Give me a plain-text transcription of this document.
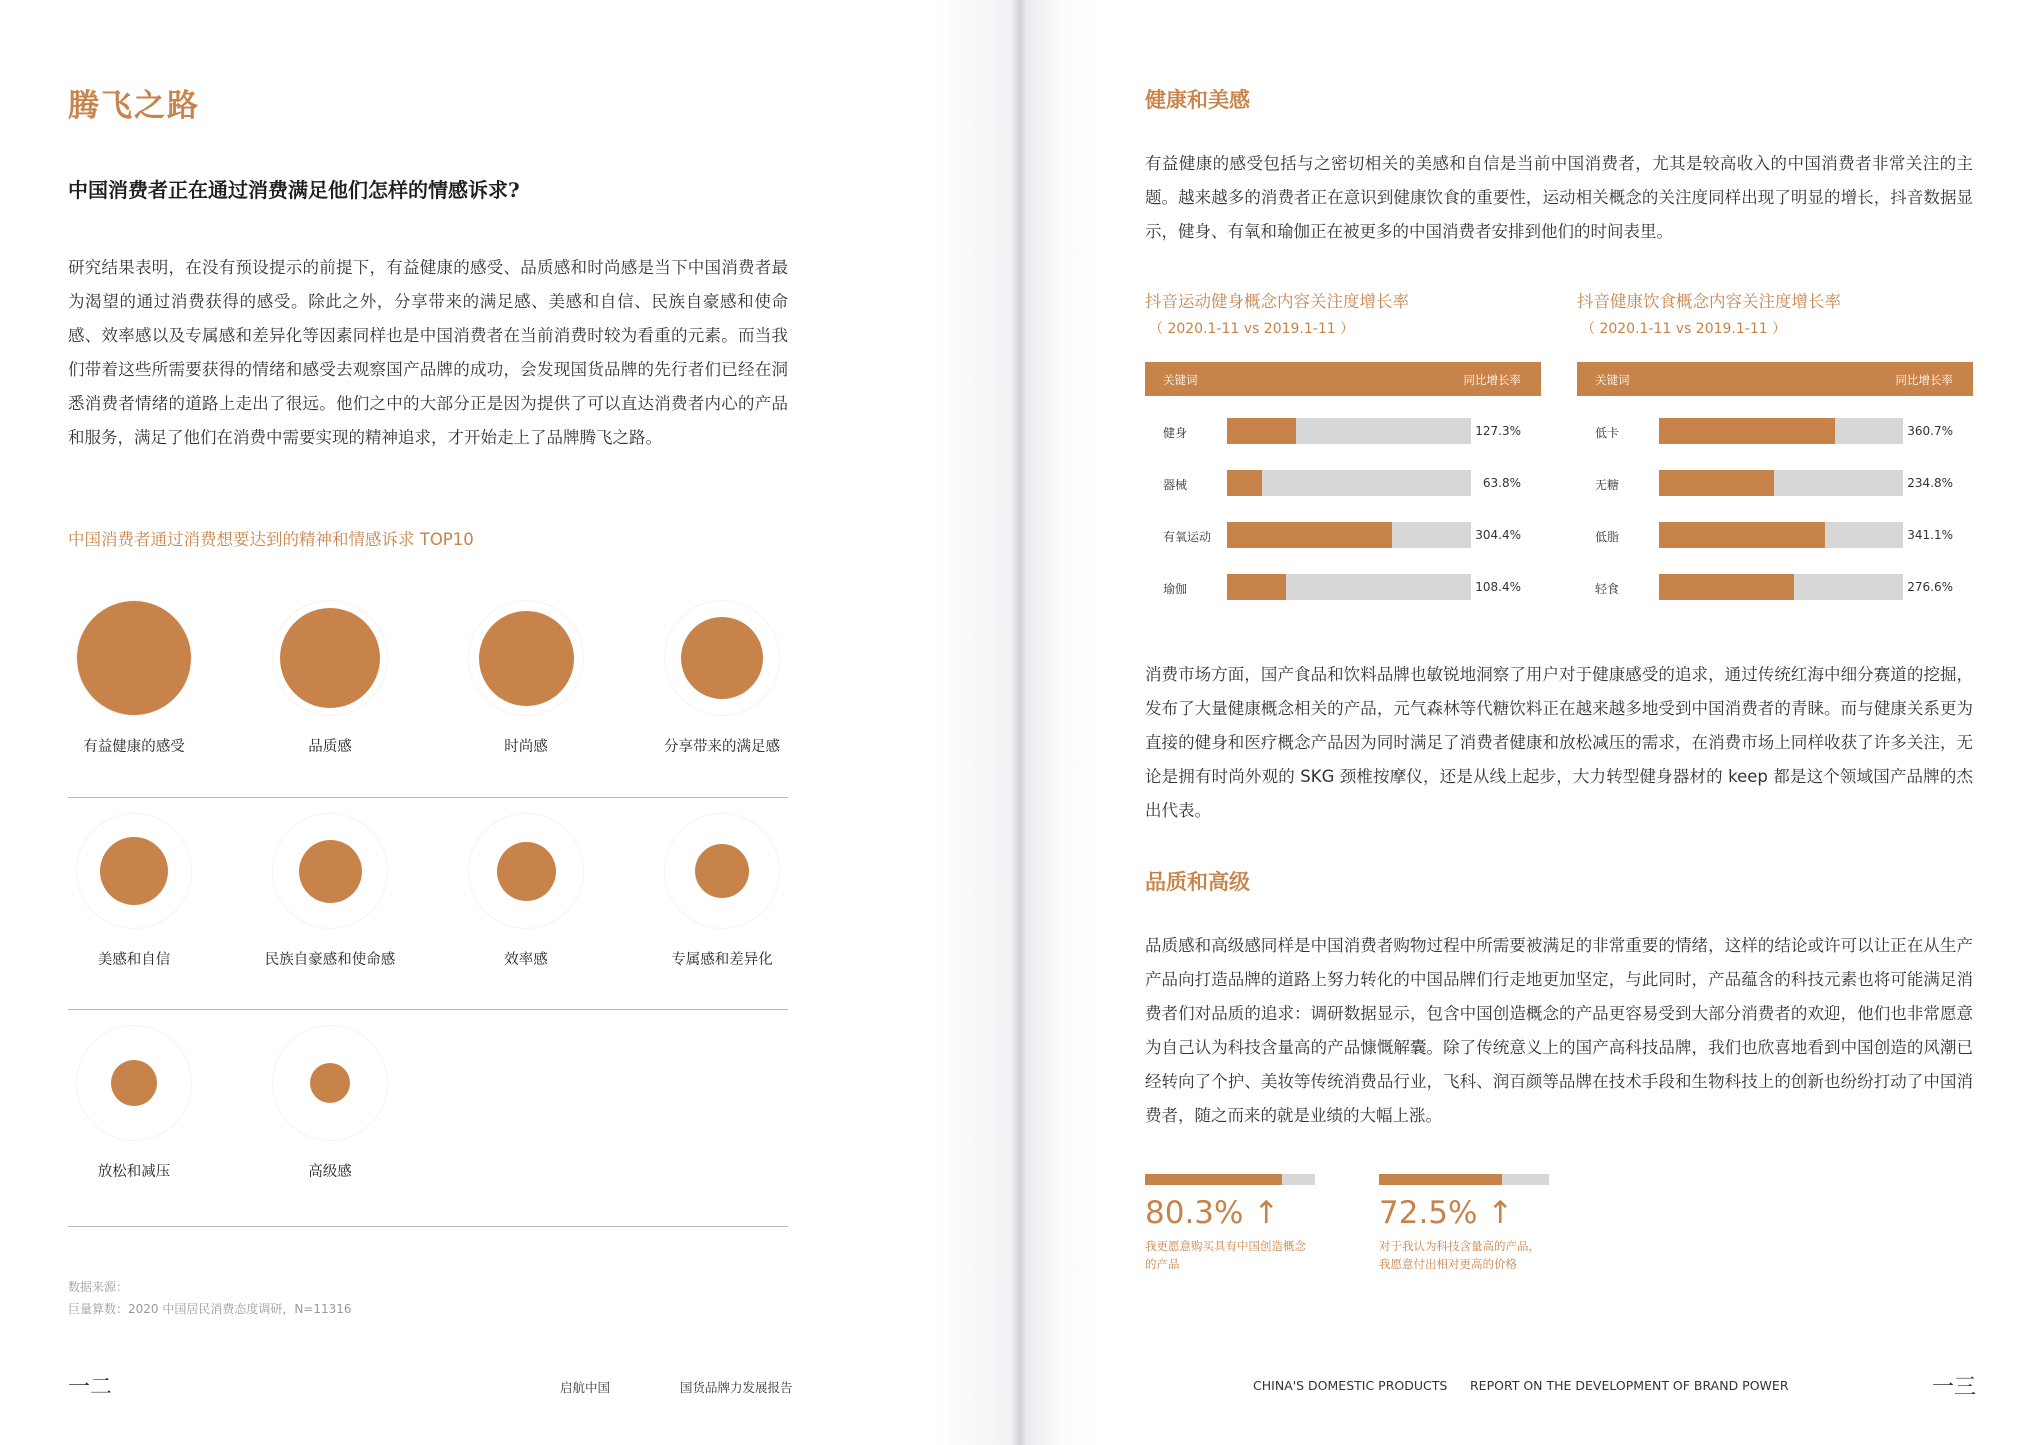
腾飞之路
中国消费者正在通过消费满足他们怎样的情感诉求?
研究结果表明，在没有预设提示的前提下，有益健康的感受、品质感和时尚感是当下中国消费者最为渴望的通过消费获得的感受。除此之外，分享带来的满足感、美感和自信、民族自豪感和使命感、效率感以及专属感和差异化等因素同样也是中国消费者在当前消费时较为看重的元素。而当我们带着这些所需要获得的情绪和感受去观察国产品牌的成功，会发现国货品牌的先行者们已经在洞悉消费者情绪的道路上走出了很远。他们之中的大部分正是因为提供了可以直达消费者内心的产品和服务，满足了他们在消费中需要实现的精神追求，才开始走上了品牌腾飞之路。
中国消费者通过消费想要达到的精神和情感诉求 TOP10
有益健康的感受	品质感	时尚感	分享带来的满足感
美感和自信	民族自豪感和使命感	效率感	专属感和差异化
放松和减压	高级感
数据来源：
巨量算数：2020 中国居民消费态度调研，N=11316
一二	启航中国	国货品牌力发展报告
健康和美感
有益健康的感受包括与之密切相关的美感和自信是当前中国消费者，尤其是较高收入的中国消费者非常关注的主题。越来越多的消费者正在意识到健康饮食的重要性，运动相关概念的关注度同样出现了明显的增长，抖音数据显示，健身、有氧和瑜伽正在被更多的中国消费者安排到他们的时间表里。
抖音运动健身概念内容关注度增长率
（ 2020.1-11 vs 2019.1-11 ）
关键词	同比增长率
健身	127.3%
器械	63.8%
有氧运动	304.4%
瑜伽	108.4%
抖音健康饮食概念内容关注度增长率
（ 2020.1-11 vs 2019.1-11 ）
关键词	同比增长率
低卡	360.7%
无糖	234.8%
低脂	341.1%
轻食	276.6%
消费市场方面，国产食品和饮料品牌也敏锐地洞察了用户对于健康感受的追求，通过传统红海中细分赛道的挖掘，发布了大量健康概念相关的产品，元气森林等代糖饮料正在越来越多地受到中国消费者的青睐。而与健康关系更为直接的健身和医疗概念产品因为同时满足了消费者健康和放松减压的需求，在消费市场上同样收获了许多关注，无论是拥有时尚外观的 SKG 颈椎按摩仪，还是从线上起步，大力转型健身器材的 keep 都是这个领域国产品牌的杰出代表。
品质和高级
品质感和高级感同样是中国消费者购物过程中所需要被满足的非常重要的情绪，这样的结论或许可以让正在从生产产品向打造品牌的道路上努力转化的中国品牌们行走地更加坚定，与此同时，产品蕴含的科技元素也将可能满足消费者们对品质的追求：调研数据显示，包含中国创造概念的产品更容易受到大部分消费者的欢迎，他们也非常愿意为自己认为科技含量高的产品慷慨解囊。除了传统意义上的国产高科技品牌，我们也欣喜地看到中国创造的风潮已经转向了个护、美妆等传统消费品行业，飞科、润百颜等品牌在技术手段和生物科技上的创新也纷纷打动了中国消费者，随之而来的就是业绩的大幅上涨。
80.3% ↑
我更愿意购买具有中国创造概念
的产品
72.5% ↑
对于我认为科技含量高的产品，
我愿意付出相对更高的价格
CHINA'S DOMESTIC PRODUCTS REPORT ON THE DEVELOPMENT OF BRAND POWER	一三
